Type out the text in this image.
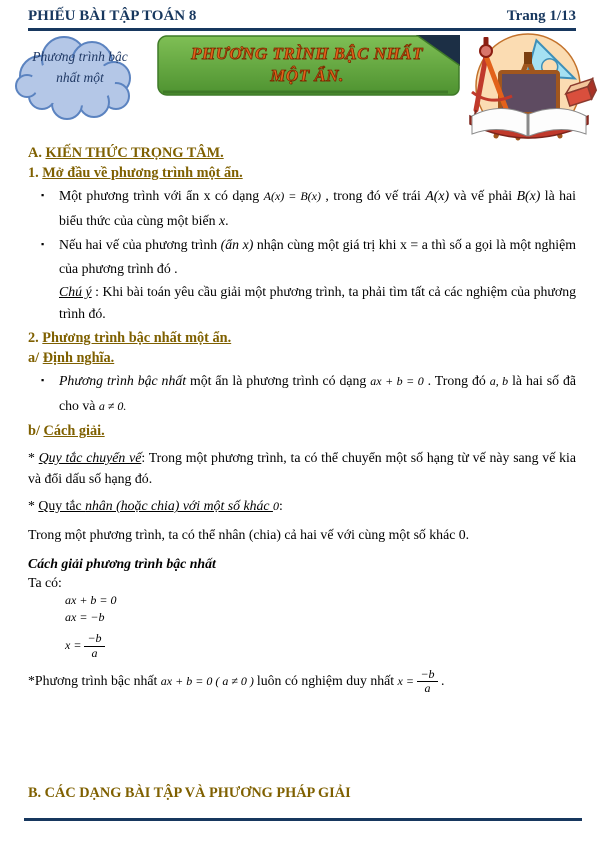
PHIẾU BÀI TẬP TOÁN 8	Trang 1/13
Phương trình bậc nhất một
PHƯƠNG TRÌNH BẬC NHẤT MỘT ẨN.

A. KIẾN THỨC TRỌNG TÂM.

1. Mở đầu về phương trình một ẩn.

▪ Một phương trình với ẩn x có dạng A(x) = B(x) , trong đó vế trái A(x) và vế phải B(x) là hai biểu thức của cùng một biến x.

▪ Nếu hai vế của phương trình (ẩn x) nhận cùng một giá trị khi x = a thì số a gọi là một nghiệm của phương trình đó .

Chú ý : Khi bài toán yêu cầu giải một phương trình, ta phải tìm tất cả các nghiệm của phương trình đó.

2. Phương trình bậc nhất một ẩn.

a/ Định nghĩa.

▪ Phương trình bậc nhất một ẩn là phương trình có dạng ax + b = 0 . Trong đó a, b là hai số đã cho và a ≠ 0.

b/ Cách giải.

* Quy tắc chuyển vế: Trong một phương trình, ta có thể chuyển một số hạng từ vế này sang vế kia và đổi dấu số hạng đó.

* Quy tắc nhân (hoặc chia) với một số khác 0:

Trong một phương trình, ta có thể nhân (chia) cả hai vế với cùng một số khác 0.

Cách giải phương trình bậc nhất

Ta có:

ax + b = 0

ax = −b

$x = \frac{-b}{a}$

*Phương trình bậc nhất ax + b = 0 ( a ≠ 0 ) luôn có nghiệm duy nhất $x = \frac{-b}{a}$ .

B. CÁC DẠNG BÀI TẬP VÀ PHƯƠNG PHÁP GIẢI
